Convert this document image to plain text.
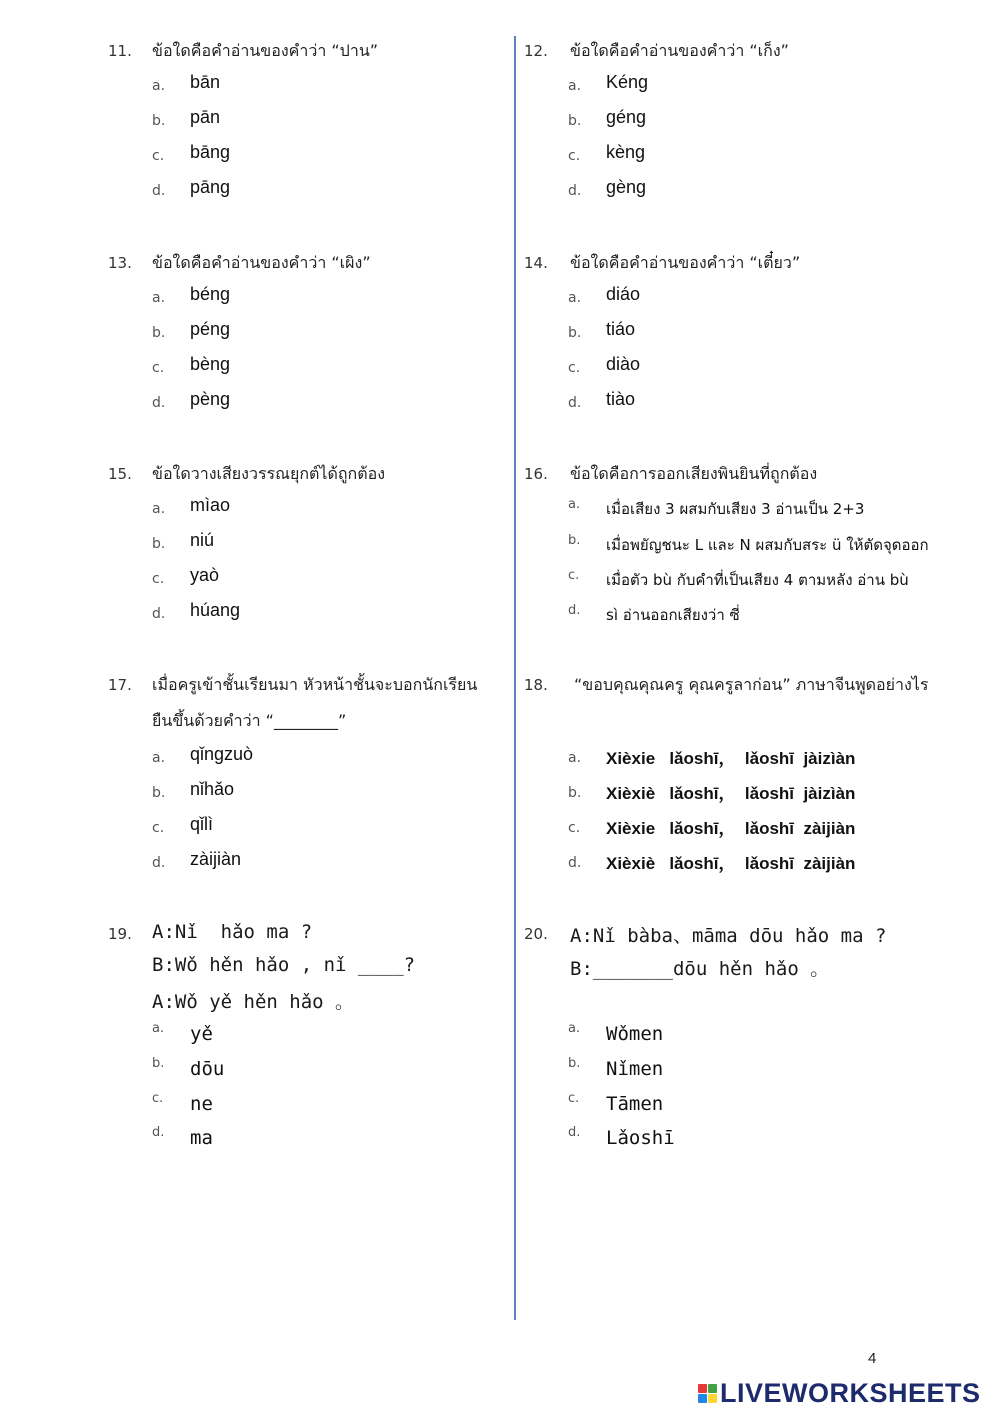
11. ข้อใดคือคำอ่านของคำว่า “ปาน”
a. bān
b. pān
c. bāng
d. pāng
12. ข้อใดคือคำอ่านของคำว่า “เก็ง”
a. Kéng
b. géng
c. kèng
d. gèng
13. ข้อใดคือคำอ่านของคำว่า “เผิง”
a. béng
b. péng
c. bèng
d. pèng
14. ข้อใดคือคำอ่านของคำว่า “เตี๋ยว”
a. diáo
b. tiáo
c. diào
d. tiào
15. ข้อใดวางเสียงวรรณยุกต์ได้ถูกต้อง
a. mìao
b. niú
c. yaò
d. húang
16. ข้อใดคือการออกเสียงพินยินที่ถูกต้อง
a. เมื่อเสียง 3 ผสมกับเสียง 3 อ่านเป็น 2+3
b. เมื่อพยัญชนะ L และ N ผสมกับสระ ü ให้ตัดจุดออก
c. เมื่อตัว bù กับคำที่เป็นเสียง 4 ตามหลัง อ่าน bù
d. sì อ่านออกเสียงว่า ซี่
17. เมื่อครูเข้าชั้นเรียนมา หัวหน้าชั้นจะบอกนักเรียน
ยืนขึ้นด้วยคำว่า “________”
a. qǐngzuò
b. nǐhǎo
c. qǐlì
d. zàijiàn
18. “ขอบคุณคุณครู คุณครูลาก่อน” ภาษาจีนพูดอย่างไร
a. Xièxie   lǎoshī，  lǎoshī  jàizìàn
b. Xièxiè   lǎoshī，  lǎoshī  jàizìàn
c. Xièxie   lǎoshī，  lǎoshī  zàijiàn
d. Xièxiè   lǎoshī，  lǎoshī  zàijiàn
19. A:Nǐ  hǎo ma ?
B:Wǒ hěn hǎo , nǐ ____?
A:Wǒ yě hěn hǎo 。
a. yě
b. dōu
c. ne
d. ma
20. A:Nǐ bàba、māma dōu hǎo ma ?
B:_______dōu hěn hǎo 。
a. Wǒmen
b. Nǐmen
c. Tāmen
d. Lǎoshī
4
LIVEWORKSHEETS
